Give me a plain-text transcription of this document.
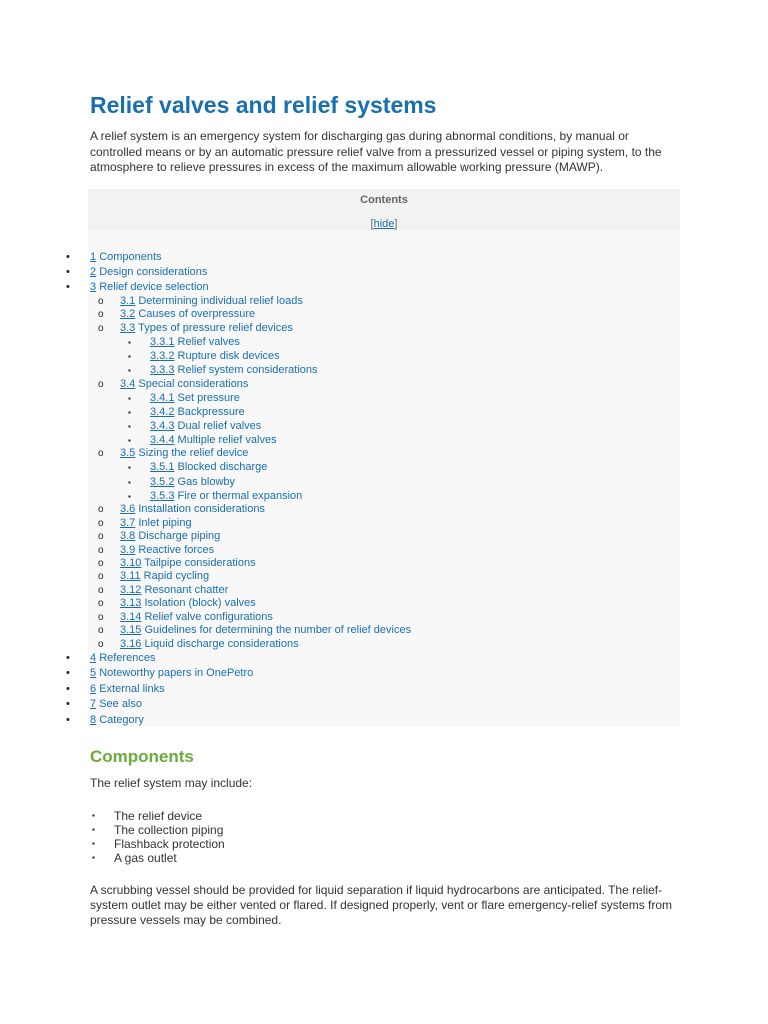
Relief valves and relief systems

A relief system is an emergency system for discharging gas during abnormal conditions, by manual or controlled means or by an automatic pressure relief valve from a pressurized vessel or piping system, to the atmosphere to relieve pressures in excess of the maximum allowable working pressure (MAWP).

Contents
[hide]
• 1 Components
• 2 Design considerations
• 3 Relief device selection
o 3.1 Determining individual relief loads
o 3.2 Causes of overpressure
o 3.3 Types of pressure relief devices
▪ 3.3.1 Relief valves
▪ 3.3.2 Rupture disk devices
▪ 3.3.3 Relief system considerations
o 3.4 Special considerations
▪ 3.4.1 Set pressure
▪ 3.4.2 Backpressure
▪ 3.4.3 Dual relief valves
▪ 3.4.4 Multiple relief valves
o 3.5 Sizing the relief device
▪ 3.5.1 Blocked discharge
▪ 3.5.2 Gas blowby
▪ 3.5.3 Fire or thermal expansion
o 3.6 Installation considerations
o 3.7 Inlet piping
o 3.8 Discharge piping
o 3.9 Reactive forces
o 3.10 Tailpipe considerations
o 3.11 Rapid cycling
o 3.12 Resonant chatter
o 3.13 Isolation (block) valves
o 3.14 Relief valve configurations
o 3.15 Guidelines for determining the number of relief devices
o 3.16 Liquid discharge considerations
• 4 References
• 5 Noteworthy papers in OnePetro
• 6 External links
• 7 See also
• 8 Category
Components

The relief system may include:

▪ The relief device
▪ The collection piping
▪ Flashback protection
▪ A gas outlet

A scrubbing vessel should be provided for liquid separation if liquid hydrocarbons are anticipated. The relief-system outlet may be either vented or flared. If designed properly, vent or flare emergency-relief systems from pressure vessels may be combined.
